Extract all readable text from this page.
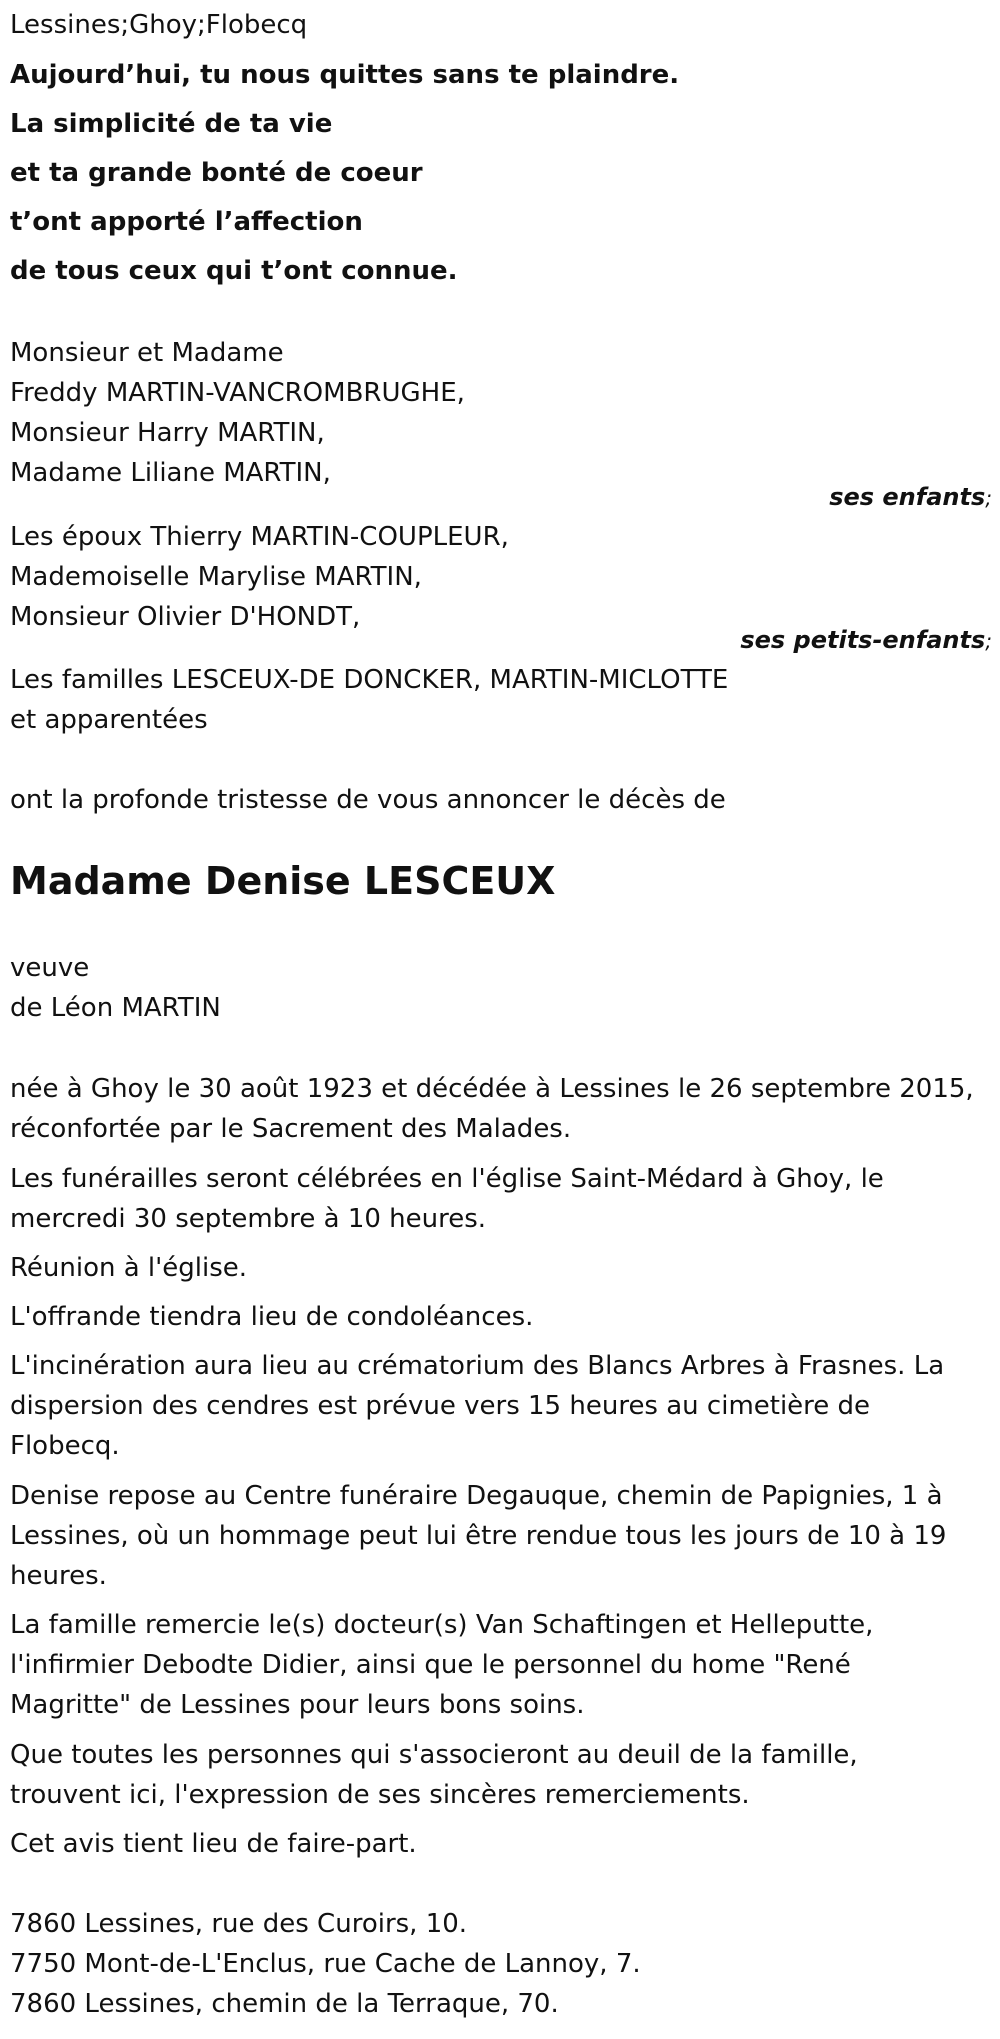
Lessines;Ghoy;Flobecq
Aujourd’hui, tu nous quittes sans te plaindre.
La simplicité de ta vie
et ta grande bonté de coeur
t’ont apporté l’affection
de tous ceux qui t’ont connue.
Monsieur et Madame
Freddy MARTIN-VANCROMBRUGHE,
Monsieur Harry MARTIN,
Madame Liliane MARTIN,
ses enfants;
Les époux Thierry MARTIN-COUPLEUR,
Mademoiselle Marylise MARTIN,
Monsieur Olivier D'HONDT,
ses petits-enfants;
Les familles LESCEUX-DE DONCKER, MARTIN-MICLOTTE
et apparentées
ont la profonde tristesse de vous annoncer le décès de
Madame Denise LESCEUX
veuve
de Léon MARTIN
née à Ghoy le 30 août 1923 et décédée à Lessines le 26 septembre 2015,
réconfortée par le Sacrement des Malades.
Les funérailles seront célébrées en l'église Saint-Médard à Ghoy, le
mercredi 30 septembre à 10 heures.
Réunion à l'église.
L'offrande tiendra lieu de condoléances.
L'incinération aura lieu au crématorium des Blancs Arbres à Frasnes. La
dispersion des cendres est prévue vers 15 heures au cimetière de
Flobecq.
Denise repose au Centre funéraire Degauque, chemin de Papignies, 1 à
Lessines, où un hommage peut lui être rendue tous les jours de 10 à 19
heures.
La famille remercie le(s) docteur(s) Van Schaftingen et Helleputte,
l'infirmier Debodte Didier, ainsi que le personnel du home "René
Magritte" de Lessines pour leurs bons soins.
Que toutes les personnes qui s'associeront au deuil de la famille,
trouvent ici, l'expression de ses sincères remerciements.
Cet avis tient lieu de faire-part.
7860 Lessines, rue des Curoirs, 10.
7750 Mont-de-L'Enclus, rue Cache de Lannoy, 7.
7860 Lessines, chemin de la Terraque, 70.
